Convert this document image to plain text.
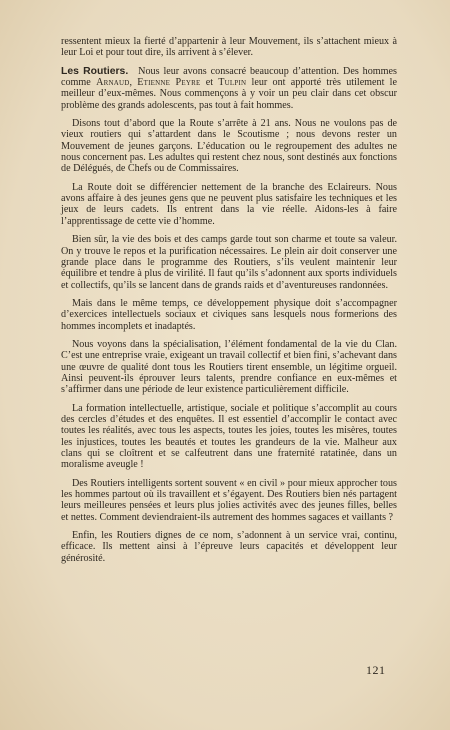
ressentent mieux la fierté d’appartenir à leur Mouvement, ils s’attachent mieux à leur Loi et pour tout dire, ils arrivent à s’élever.

Les Routiers. Nous leur avons consacré beaucoup d’attention. Des hommes comme Arnaud, Etienne Peyre et Tulpin leur ont apporté très utilement le meilleur d’eux-mêmes. Nous commençons à y voir un peu clair dans cet obscur problème des grands adolescents, pas tout à fait hommes.

Disons tout d’abord que la Route s’arrête à 21 ans. Nous ne voulons pas de vieux routiers qui s’attardent dans le Scoutisme ; nous devons rester un Mouvement de jeunes garçons. L’éducation ou le regroupement des adultes ne nous concernent pas. Les adultes qui restent chez nous, sont destinés aux fonctions de Délégués, de Chefs ou de Commissaires.

La Route doit se différencier nettement de la branche des Eclaireurs. Nous avons affaire à des jeunes gens que ne peuvent plus satisfaire les techniques et les jeux de leurs cadets. Ils entrent dans la vie réelle. Aidons-les à faire l’apprentissage de cette vie d’homme.

Bien sûr, la vie des bois et des camps garde tout son charme et toute sa valeur. On y trouve le repos et la purification nécessaires. Le plein air doit conserver une grande place dans le programme des Routiers, s’ils veulent maintenir leur équilibre et tendre à plus de virilité. Il faut qu’ils s’adonnent aux sports individuels et collectifs, qu’ils se lancent dans de grands raids et d’aventureuses randonnées.

Mais dans le même temps, ce développement physique doit s’accompagner d’exercices intellectuels sociaux et civiques sans lesquels nous formerions des hommes incomplets et inadaptés.

Nous voyons dans la spécialisation, l’élément fondamental de la vie du Clan. C’est une entreprise vraie, exigeant un travail collectif et bien fini, s’achevant dans une œuvre de qualité dont tous les Routiers tirent ensemble, un légitime orgueil. Ainsi peuvent-ils éprouver leurs talents, prendre confiance en eux-mêmes et s’affirmer dans une période de leur existence particulièrement difficile.

La formation intellectuelle, artistique, sociale et politique s’accomplit au cours des cercles d’études et des enquêtes. Il est essentiel d’accomplir le contact avec toutes les réalités, avec tous les aspects, toutes les joies, toutes les misères, toutes les injustices, toutes les beautés et toutes les grandeurs de la vie. Malheur aux clans qui se cloîtrent et se calfeutrent dans une fraternité ratatinée, dans un moralisme aveugle !

Des Routiers intelligents sortent souvent « en civil » pour mieux approcher tous les hommes partout où ils travaillent et s’égayent. Des Routiers bien nés partagent leurs meilleures pensées et leurs plus jolies activités avec des jeunes filles, belles et nettes. Comment deviendraient-ils autrement des hommes sagaces et vaillants ?

Enfin, les Routiers dignes de ce nom, s’adonnent à un service vrai, continu, efficace. Ils mettent ainsi à l’épreuve leurs capacités et développent leur générosité.

121
